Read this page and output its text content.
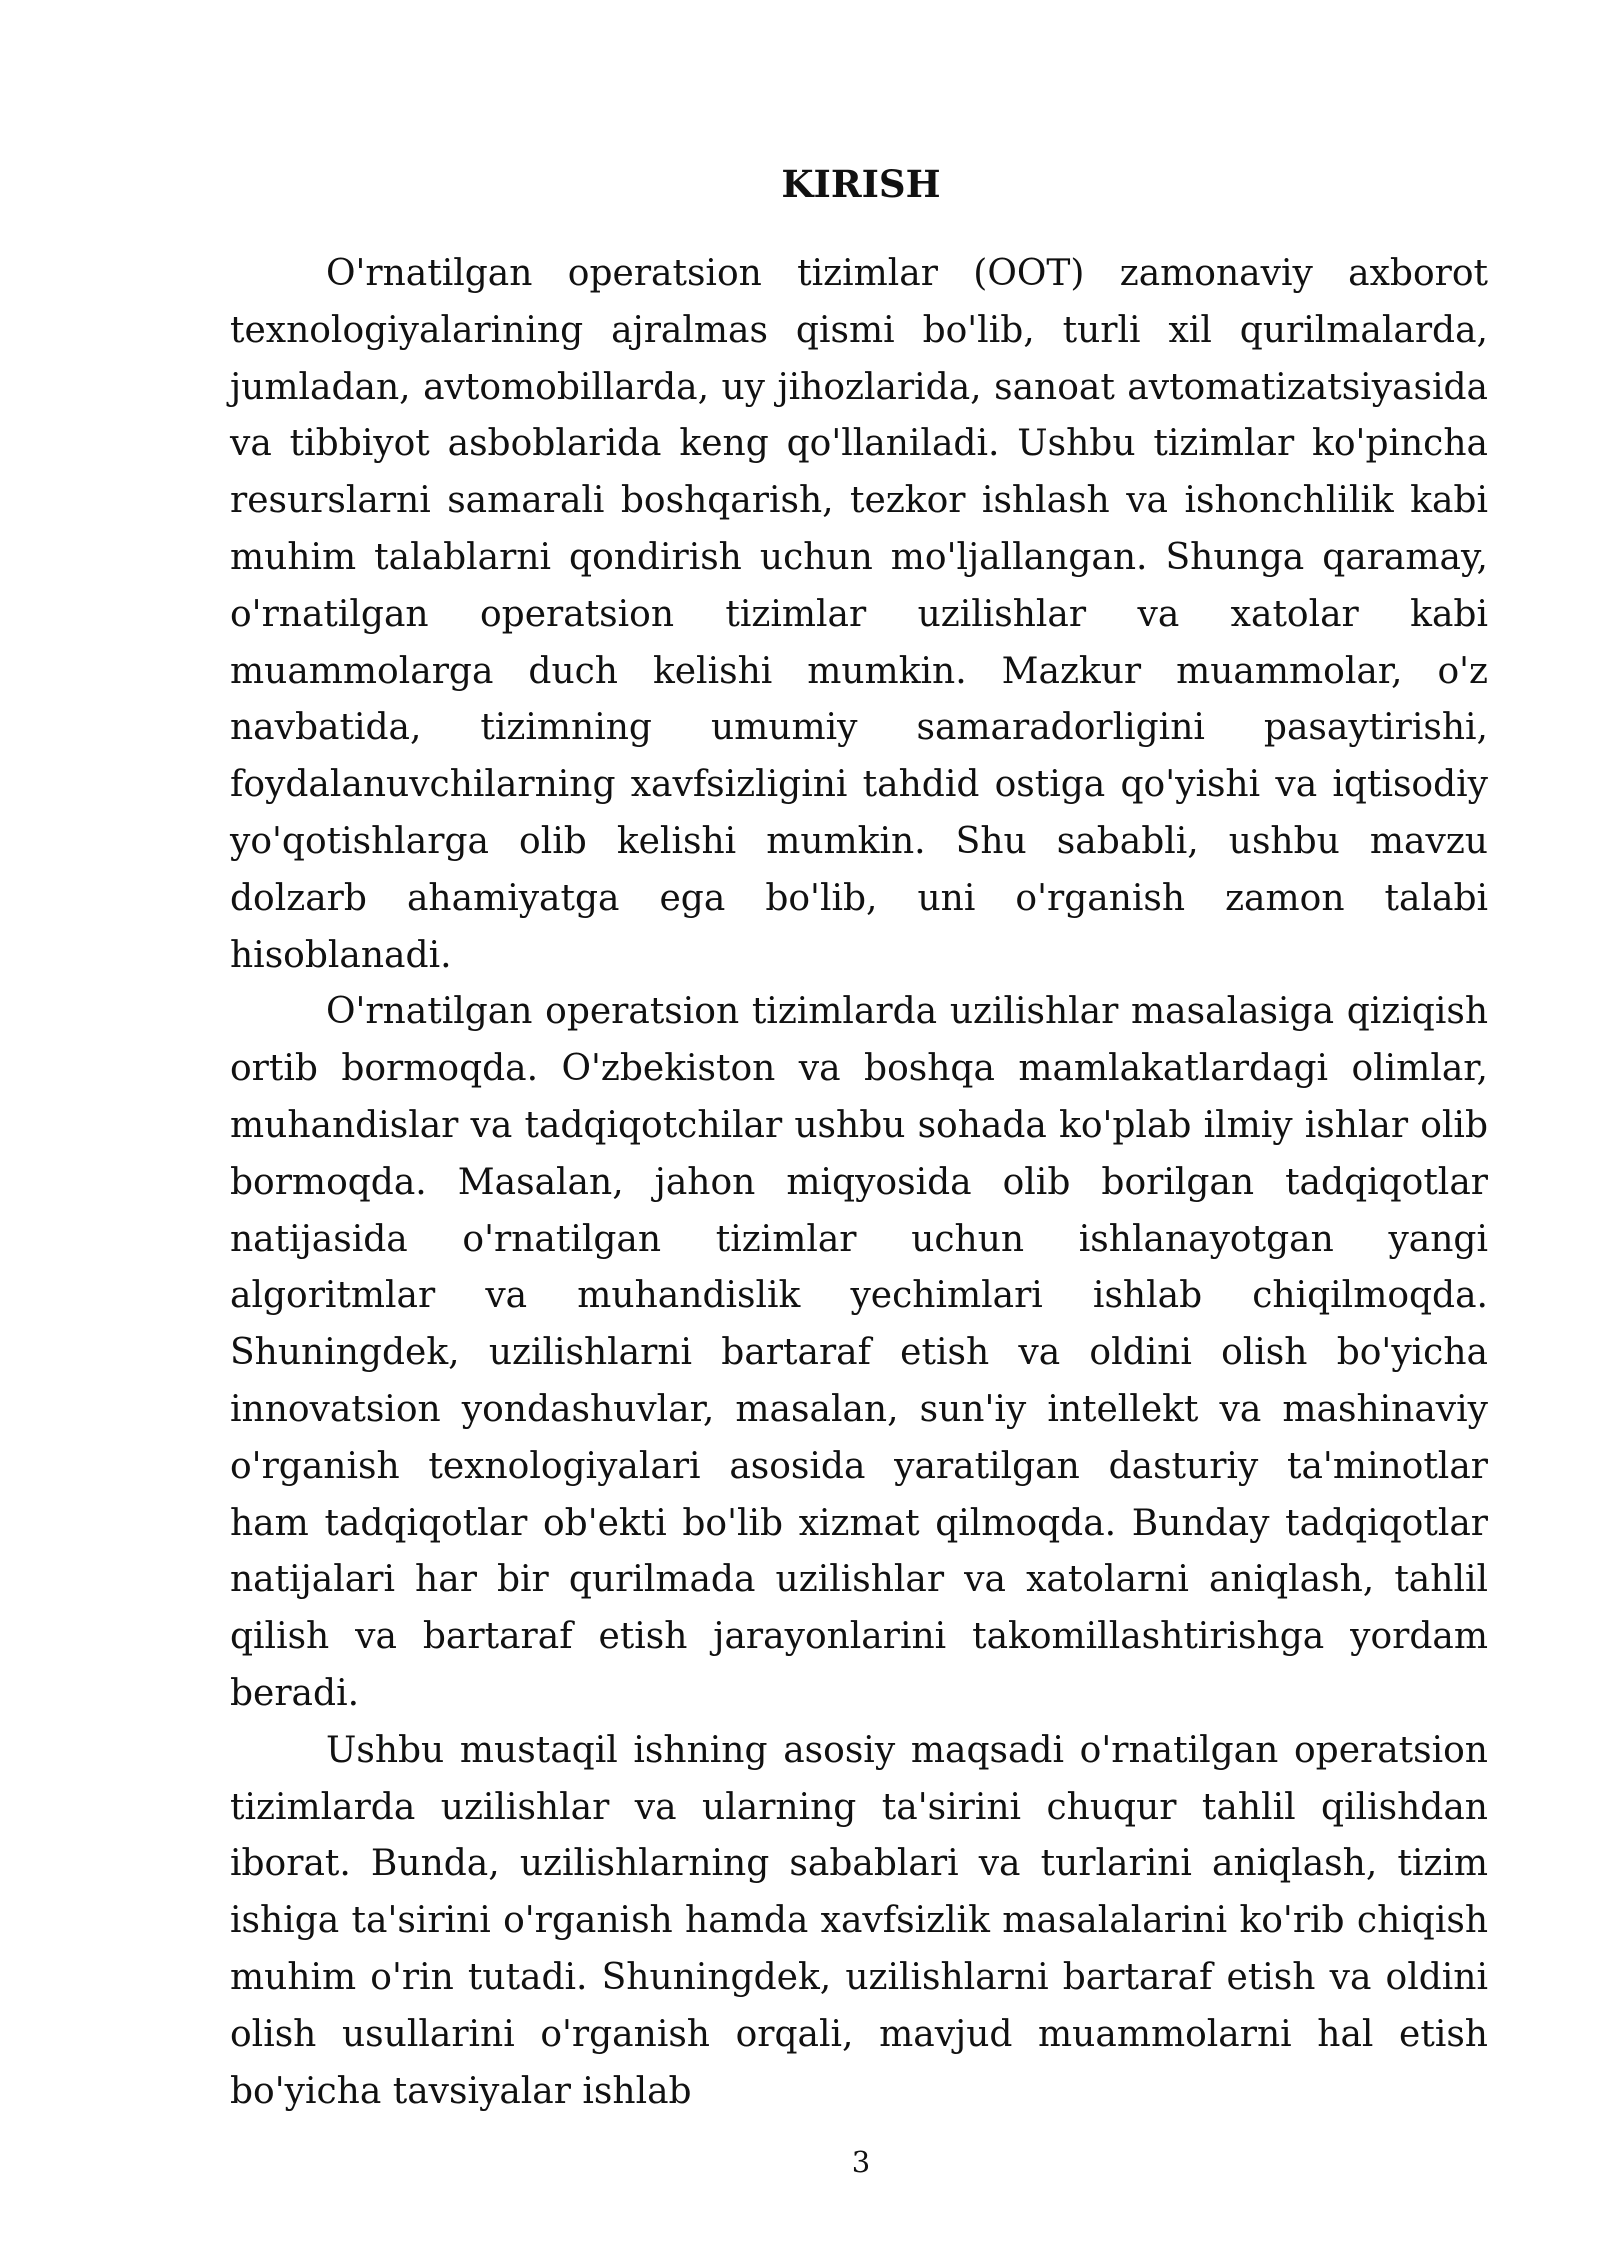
KIRISH

O'rnatilgan operatsion tizimlar (OOT) zamonaviy axborot texnologiyalarining ajralmas qismi bo'lib, turli xil qurilmalarda, jumladan, avtomobillarda, uy jihozlarida, sanoat avtomatizatsiyasida va tibbiyot asboblarida keng qo'llaniladi. Ushbu tizimlar ko'pincha resurslarni samarali boshqarish, tezkor ishlash va ishonchlilik kabi muhim talablarni qondirish uchun mo'ljallangan. Shunga qaramay, o'rnatilgan operatsion tizimlar uzilishlar va xatolar kabi muammolarga duch kelishi mumkin. Mazkur muammolar, o'z navbatida, tizimning umumiy samaradorligini pasaytirishi, foydalanuvchilarning xavfsizligini tahdid ostiga qo'yishi va iqtisodiy yo'qotishlarga olib kelishi mumkin. Shu sababli, ushbu mavzu dolzarb ahamiyatga ega bo'lib, uni o'rganish zamon talabi hisoblanadi.

O'rnatilgan operatsion tizimlarda uzilishlar masalasiga qiziqish ortib bormoqda. O'zbekiston va boshqa mamlakatlardagi olimlar, muhandislar va tadqiqotchilar ushbu sohada ko'plab ilmiy ishlar olib bormoqda. Masalan, jahon miqyosida olib borilgan tadqiqotlar natijasida o'rnatilgan tizimlar uchun ishlanayotgan yangi algoritmlar va muhandislik yechimlari ishlab chiqilmoqda. Shuningdek, uzilishlarni bartaraf etish va oldini olish bo'yicha innovatsion yondashuvlar, masalan, sun'iy intellekt va mashinaviy o'rganish texnologiyalari asosida yaratilgan dasturiy ta'minotlar ham tadqiqotlar ob'ekti bo'lib xizmat qilmoqda. Bunday tadqiqotlar natijalari har bir qurilmada uzilishlar va xatolarni aniqlash, tahlil qilish va bartaraf etish jarayonlarini takomillashtirishga yordam beradi.

Ushbu mustaqil ishning asosiy maqsadi o'rnatilgan operatsion tizimlarda uzilishlar va ularning ta'sirini chuqur tahlil qilishdan iborat. Bunda, uzilishlarning sabablari va turlarini aniqlash, tizim ishiga ta'sirini o'rganish hamda xavfsizlik masalalarini ko'rib chiqish muhim o'rin tutadi. Shuningdek, uzilishlarni bartaraf etish va oldini olish usullarini o'rganish orqali, mavjud muammolarni hal etish bo'yicha tavsiyalar ishlab

3
